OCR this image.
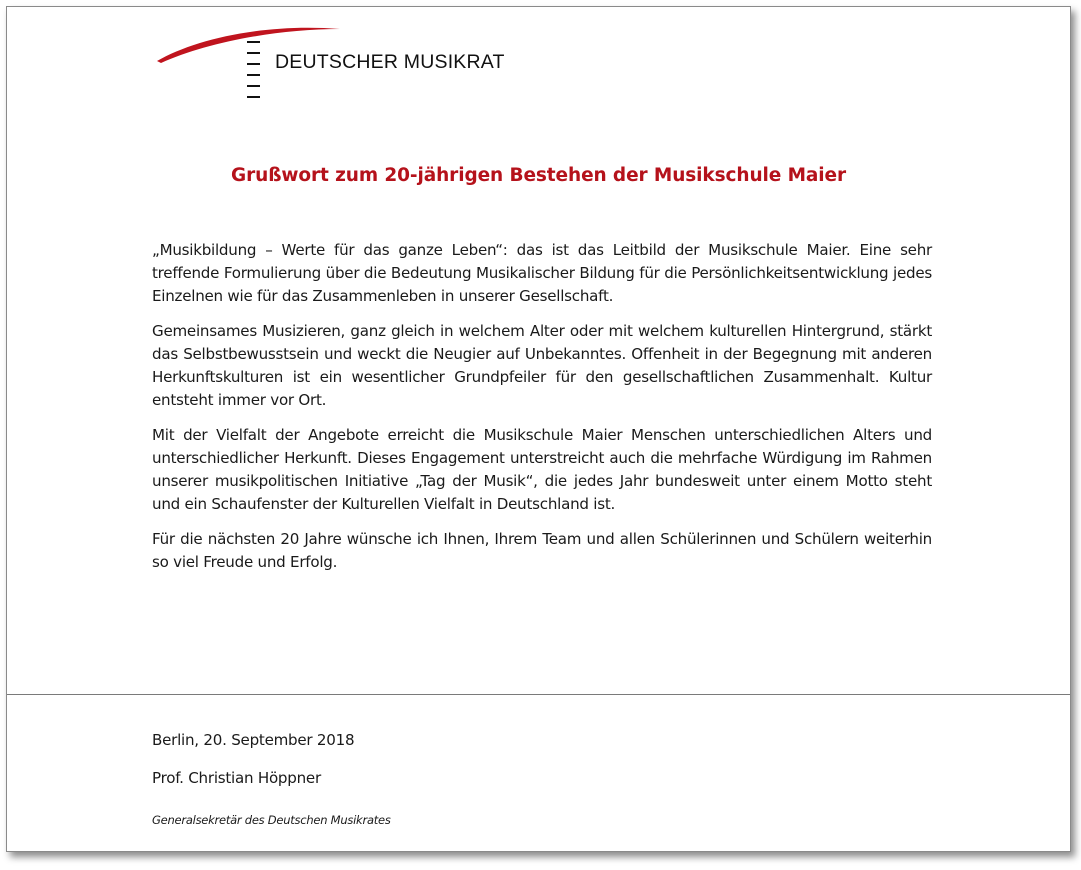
DEUTSCHER MUSIKRAT
Grußwort zum 20-jährigen Bestehen der Musikschule Maier

„Musikbildung – Werte für das ganze Leben“: das ist das Leitbild der Musikschule Maier. Eine sehr treffende Formulierung über die Bedeutung Musikalischer Bildung für die Persönlichkeitsentwicklung jedes Einzelnen wie für das Zusammenleben in unserer Gesellschaft.

Gemeinsames Musizieren, ganz gleich in welchem Alter oder mit welchem kulturellen Hintergrund, stärkt das Selbstbewusstsein und weckt die Neugier auf Unbekanntes. Offenheit in der Begegnung mit anderen Herkunftskulturen ist ein wesentlicher Grundpfeiler für den gesellschaftlichen Zusammenhalt. Kultur entsteht immer vor Ort.

Mit der Vielfalt der Angebote erreicht die Musikschule Maier Menschen unterschiedlichen Alters und unterschiedlicher Herkunft. Dieses Engagement unterstreicht auch die mehrfache Würdigung im Rahmen unserer musikpolitischen Initiative „Tag der Musik“, die jedes Jahr bundesweit unter einem Motto steht und ein Schaufenster der Kulturellen Vielfalt in Deutschland ist.

Für die nächsten 20 Jahre wünsche ich Ihnen, Ihrem Team und allen Schülerinnen und Schülern weiterhin so viel Freude und Erfolg.

Berlin, 20. September 2018
Prof. Christian Höppner
Generalsekretär des Deutschen Musikrates
